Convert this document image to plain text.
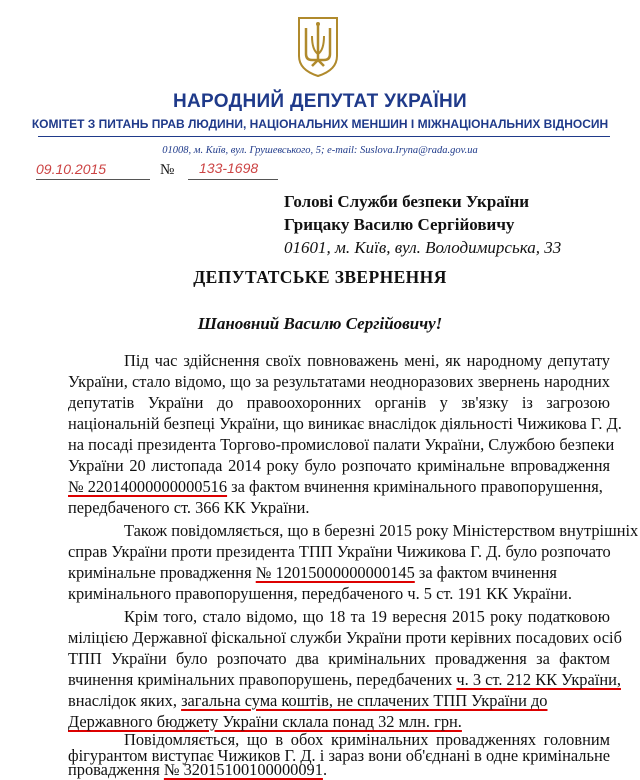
НАРОДНИЙ ДЕПУТАТ УКРАЇНИ
КОМІТЕТ З ПИТАНЬ ПРАВ ЛЮДИНИ, НАЦІОНАЛЬНИХ МЕНШИН І МІЖНАЦІОНАЛЬНИХ ВІДНОСИН
01008, м. Київ, вул. Грушевського, 5; e-mail: Suslova.Iryna@rada.gov.ua
09.10.2015	№ 133-1698
Голові Служби безпеки України
Грицаку Василю Сергійовичу
01601, м. Київ, вул. Володимирська, 33
ДЕПУТАТСЬКЕ ЗВЕРНЕННЯ
Шановний Василю Сергійовичу!
Під час здійснення своїх повноважень мені, як народному депутату
України, стало відомо, що за результатами неодноразових звернень народних
депутатів України до правоохоронних органів у зв'язку із загрозою
національній безпеці України, що виникає внаслідок діяльності Чижикова Г. Д.
на посаді президента Торгово-промислової палати України, Службою безпеки
України 20 листопада 2014 року було розпочато кримінальне впровадження
№ 22014000000000516 за фактом вчинення кримінального правопорушення,
передбаченого ст. 366 КК України.
Також повідомляється, що в березні 2015 року Міністерством внутрішніх
справ України проти президента ТПП України Чижикова Г. Д. було розпочато
кримінальне провадження № 12015000000000145 за фактом вчинення
кримінального правопорушення, передбаченого ч. 5 ст. 191 КК України.
Крім того, стало відомо, що 18 та 19 вересня 2015 року податковою
міліцією Державної фіскальної служби України проти керівних посадових осіб
ТПП України було розпочато два кримінальних провадження за фактом
вчинення кримінальних правопорушень, передбачених ч. 3 ст. 212 КК України,
внаслідок яких, загальна сума коштів, не сплачених ТПП України до
Державного бюджету України склала понад 32 млн. грн.
Повідомляється, що в обох кримінальних провадженнях головним
фігурантом виступає Чижиков Г. Д. і зараз вони об'єднані в одне кримінальне
провадження № 32015100100000091.
